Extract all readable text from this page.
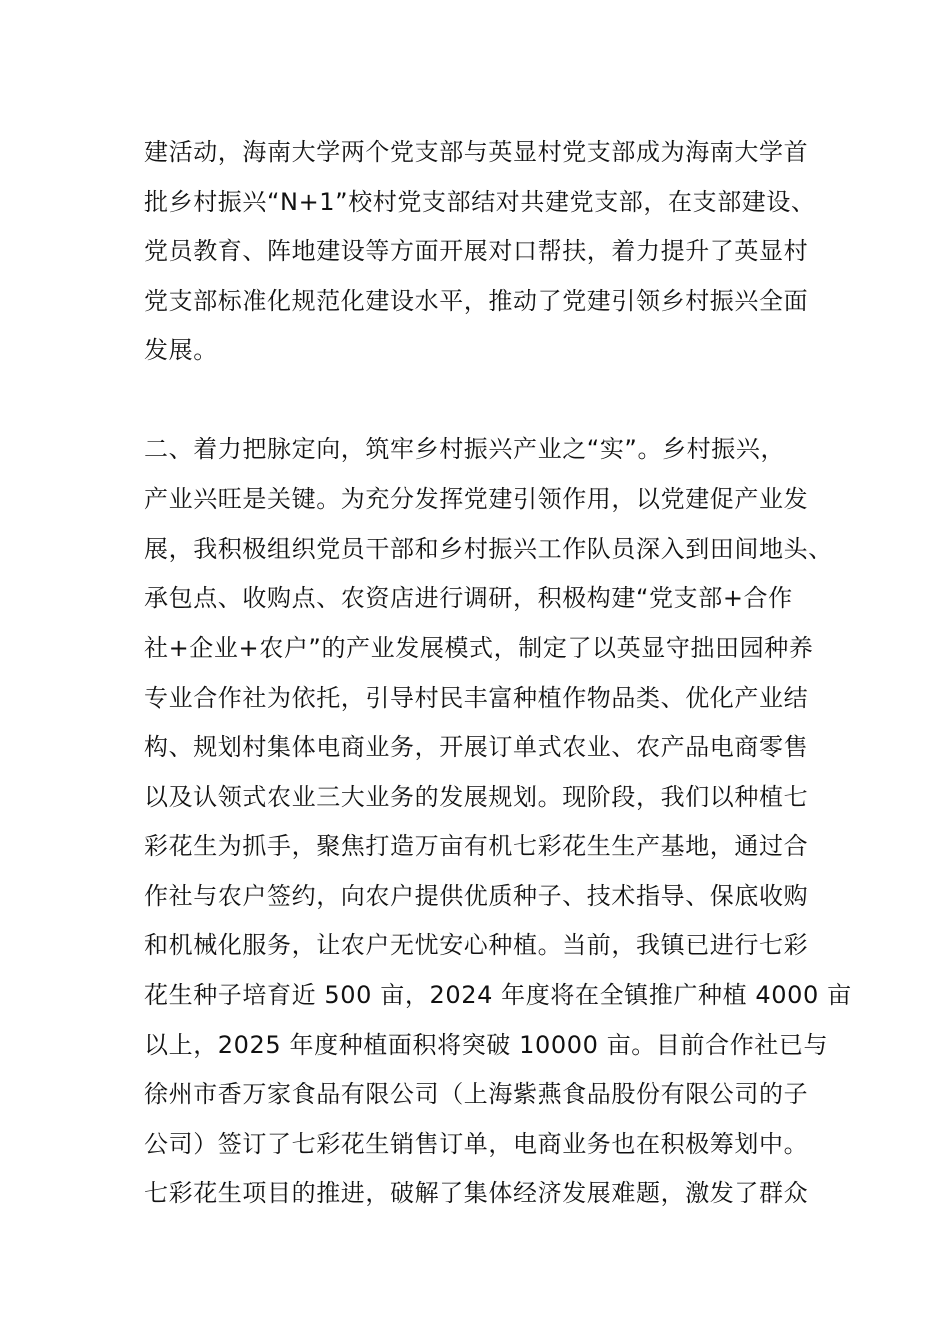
建活动，海南大学两个党支部与英显村党支部成为海南大学首
批乡村振兴“N+1”校村党支部结对共建党支部，在支部建设、
党员教育、阵地建设等方面开展对口帮扶，着力提升了英显村
党支部标准化规范化建设水平，推动了党建引领乡村振兴全面
发展。
二、着力把脉定向，筑牢乡村振兴产业之“实”。乡村振兴，
产业兴旺是关键。为充分发挥党建引领作用，以党建促产业发
展，我积极组织党员干部和乡村振兴工作队员深入到田间地头、
承包点、收购点、农资店进行调研，积极构建“党支部+合作
社+企业+农户”的产业发展模式，制定了以英显守拙田园种养
专业合作社为依托，引导村民丰富种植作物品类、优化产业结
构、规划村集体电商业务，开展订单式农业、农产品电商零售
以及认领式农业三大业务的发展规划。现阶段，我们以种植七
彩花生为抓手，聚焦打造万亩有机七彩花生生产基地，通过合
作社与农户签约，向农户提供优质种子、技术指导、保底收购
和机械化服务，让农户无忧安心种植。当前，我镇已进行七彩
花生种子培育近 500 亩，2024 年度将在全镇推广种植 4000 亩
以上，2025 年度种植面积将突破 10000 亩。目前合作社已与
徐州市香万家食品有限公司（上海紫燕食品股份有限公司的子
公司）签订了七彩花生销售订单，电商业务也在积极筹划中。
七彩花生项目的推进，破解了集体经济发展难题，激发了群众
